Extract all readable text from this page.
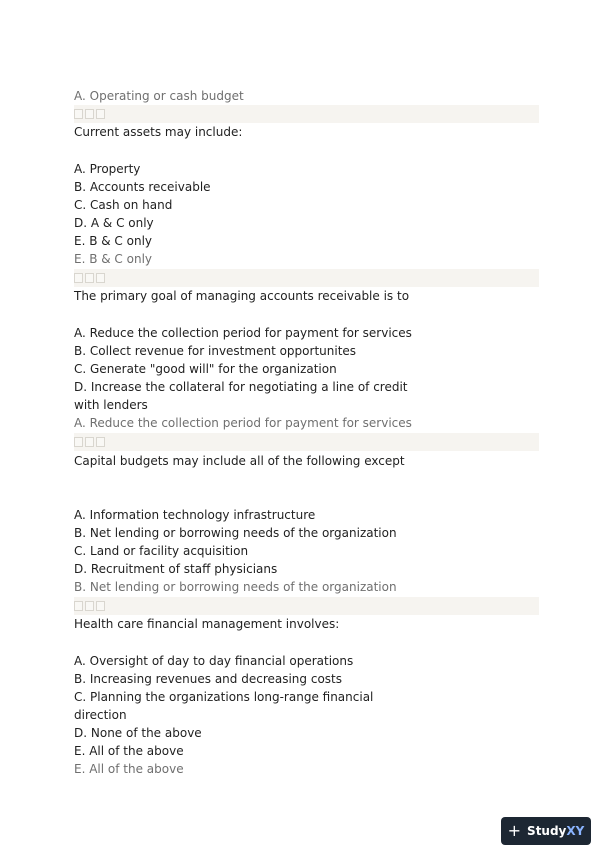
A. Operating or cash budget
Current assets may include:
A. Property
B. Accounts receivable
C. Cash on hand
D. A & C only
E. B & C only
E. B & C only
The primary goal of managing accounts receivable is to
A. Reduce the collection period for payment for services
B. Collect revenue for investment opportunites
C. Generate "good will" for the organization
D. Increase the collateral for negotiating a line of credit
with lenders
A. Reduce the collection period for payment for services
Capital budgets may include all of the following except
A. Information technology infrastructure
B. Net lending or borrowing needs of the organization
C. Land or facility acquisition
D. Recruitment of staff physicians
B. Net lending or borrowing needs of the organization
Health care financial management involves:
A. Oversight of day to day financial operations
B. Increasing revenues and decreasing costs
C. Planning the organizations long-range financial
direction
D. None of the above
E. All of the above
E. All of the above
+ Study XY
